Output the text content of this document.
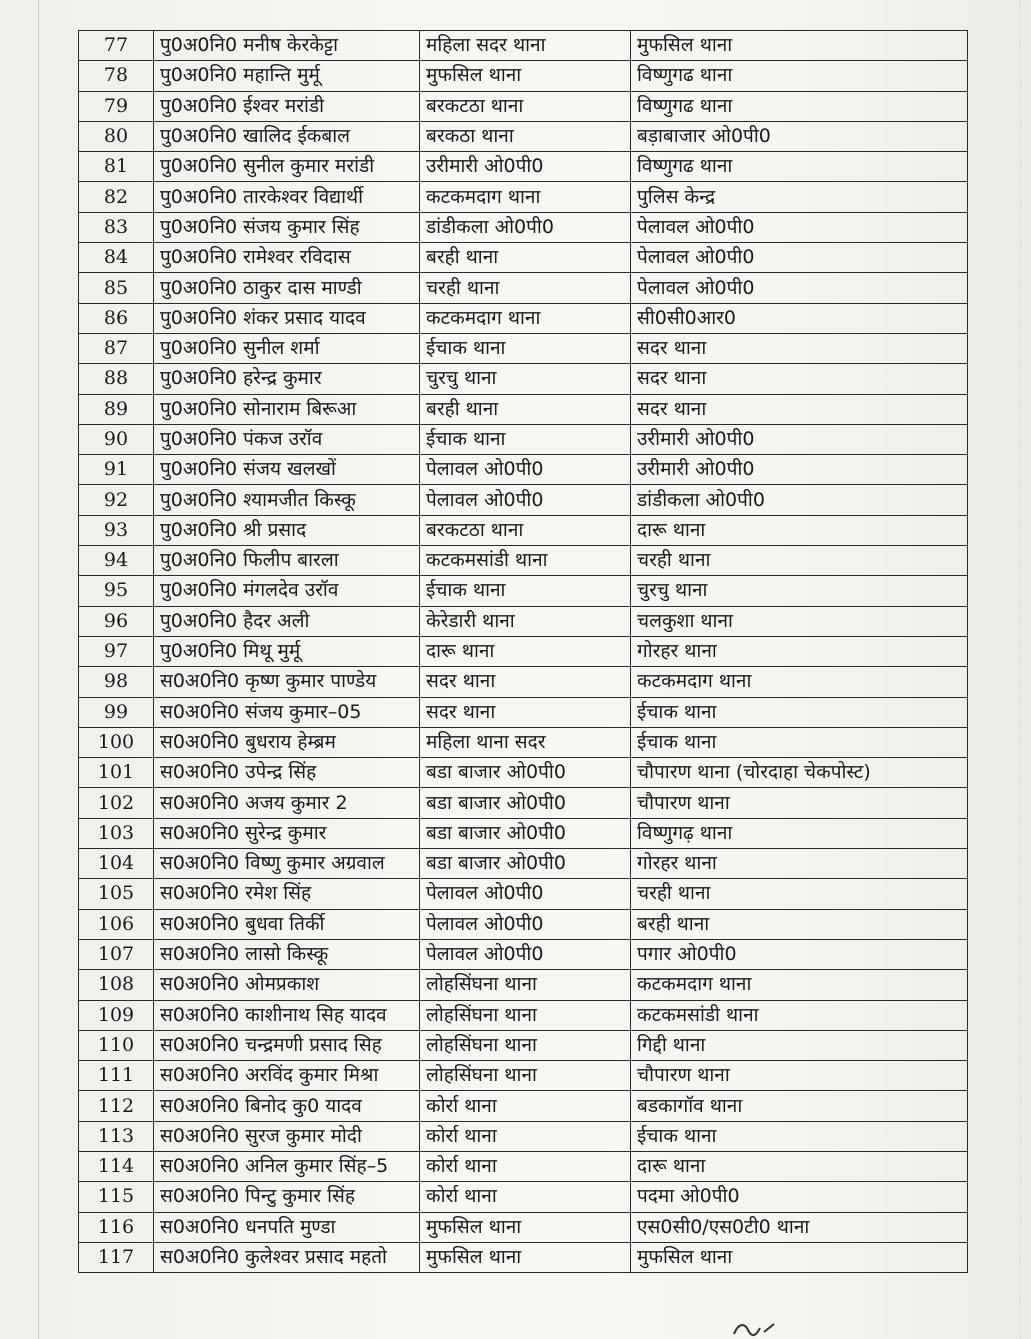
77	पु0अ0नि0 मनीष केरकेट्टा	महिला सदर थाना	मुफसिल थाना
78	पु0अ0नि0 महान्ति मुर्मू	मुफसिल थाना	विष्णुगढ थाना
79	पु0अ0नि0 ईश्वर मरांडी	बरकटठा थाना	विष्णुगढ थाना
80	पु0अ0नि0 खालिद ईकबाल	बरकठा थाना	बड़ाबाजार ओ0पी0
81	पु0अ0नि0 सुनील कुमार मरांडी	उरीमारी ओ0पी0	विष्णुगढ थाना
82	पु0अ0नि0 तारकेश्वर विद्यार्थी	कटकमदाग थाना	पुलिस केन्द्र
83	पु0अ0नि0 संजय कुमार सिंह	डांडीकला ओ0पी0	पेलावल ओ0पी0
84	पु0अ0नि0 रामेश्वर रविदास	बरही थाना	पेलावल ओ0पी0
85	पु0अ0नि0 ठाकुर दास माण्डी	चरही थाना	पेलावल ओ0पी0
86	पु0अ0नि0 शंकर प्रसाद यादव	कटकमदाग थाना	सी0सी0आर0
87	पु0अ0नि0 सुनील शर्मा	ईचाक थाना	सदर थाना
88	पु0अ0नि0 हरेन्द्र कुमार	चुरचु थाना	सदर थाना
89	पु0अ0नि0 सोनाराम बिरूआ	बरही थाना	सदर थाना
90	पु0अ0नि0 पंकज उरॉव	ईचाक थाना	उरीमारी ओ0पी0
91	पु0अ0नि0 संजय खलखों	पेलावल ओ0पी0	उरीमारी ओ0पी0
92	पु0अ0नि0 श्यामजीत किस्कू	पेलावल ओ0पी0	डांडीकला ओ0पी0
93	पु0अ0नि0 श्री प्रसाद	बरकटठा थाना	दारू थाना
94	पु0अ0नि0 फिलीप बारला	कटकमसांडी थाना	चरही थाना
95	पु0अ0नि0 मंगलदेव उरॉव	ईचाक थाना	चुरचु थाना
96	पु0अ0नि0 हैदर अली	केरेडारी थाना	चलकुशा थाना
97	पु0अ0नि0 मिथू मुर्मू	दारू थाना	गोरहर थाना
98	स0अ0नि0 कृष्ण कुमार पाण्डेय	सदर थाना	कटकमदाग थाना
99	स0अ0नि0 संजय कुमार–05	सदर थाना	ईचाक थाना
100	स0अ0नि0 बुधराय हेम्ब्रम	महिला थाना सदर	ईचाक थाना
101	स0अ0नि0 उपेन्द्र सिंह	बडा बाजार ओ0पी0	चौपारण थाना (चोरदाहा चेकपोस्ट)
102	स0अ0नि0 अजय कुमार 2	बडा बाजार ओ0पी0	चौपारण थाना
103	स0अ0नि0 सुरेन्द्र कुमार	बडा बाजार ओ0पी0	विष्णुगढ़ थाना
104	स0अ0नि0 विष्णु कुमार अग्रवाल	बडा बाजार ओ0पी0	गोरहर थाना
105	स0अ0नि0 रमेश सिंह	पेलावल ओ0पी0	चरही थाना
106	स0अ0नि0 बुधवा तिर्की	पेलावल ओ0पी0	बरही थाना
107	स0अ0नि0 लासो किस्कू	पेलावल ओ0पी0	पगार ओ0पी0
108	स0अ0नि0 ओमप्रकाश	लोहसिंघना थाना	कटकमदाग थाना
109	स0अ0नि0 काशीनाथ सिह यादव	लोहसिंघना थाना	कटकमसांडी थाना
110	स0अ0नि0 चन्द्रमणी प्रसाद सिह	लोहसिंघना थाना	गिद्दी थाना
111	स0अ0नि0 अरविंद कुमार मिश्रा	लोहसिंघना थाना	चौपारण थाना
112	स0अ0नि0 बिनोद कु0 यादव	कोर्रा थाना	बडकागॉव थाना
113	स0अ0नि0 सुरज कुमार मोदी	कोर्रा थाना	ईचाक थाना
114	स0अ0नि0 अनिल कुमार सिंह–5	कोर्रा थाना	दारू थाना
115	स0अ0नि0 पिन्टु कुमार सिंह	कोर्रा थाना	पदमा ओ0पी0
116	स0अ0नि0 धनपति मुण्डा	मुफसिल थाना	एस0सी0/एस0टी0 थाना
117	स0अ0नि0 कुलेश्वर प्रसाद महतो	मुफसिल थाना	मुफसिल थाना
